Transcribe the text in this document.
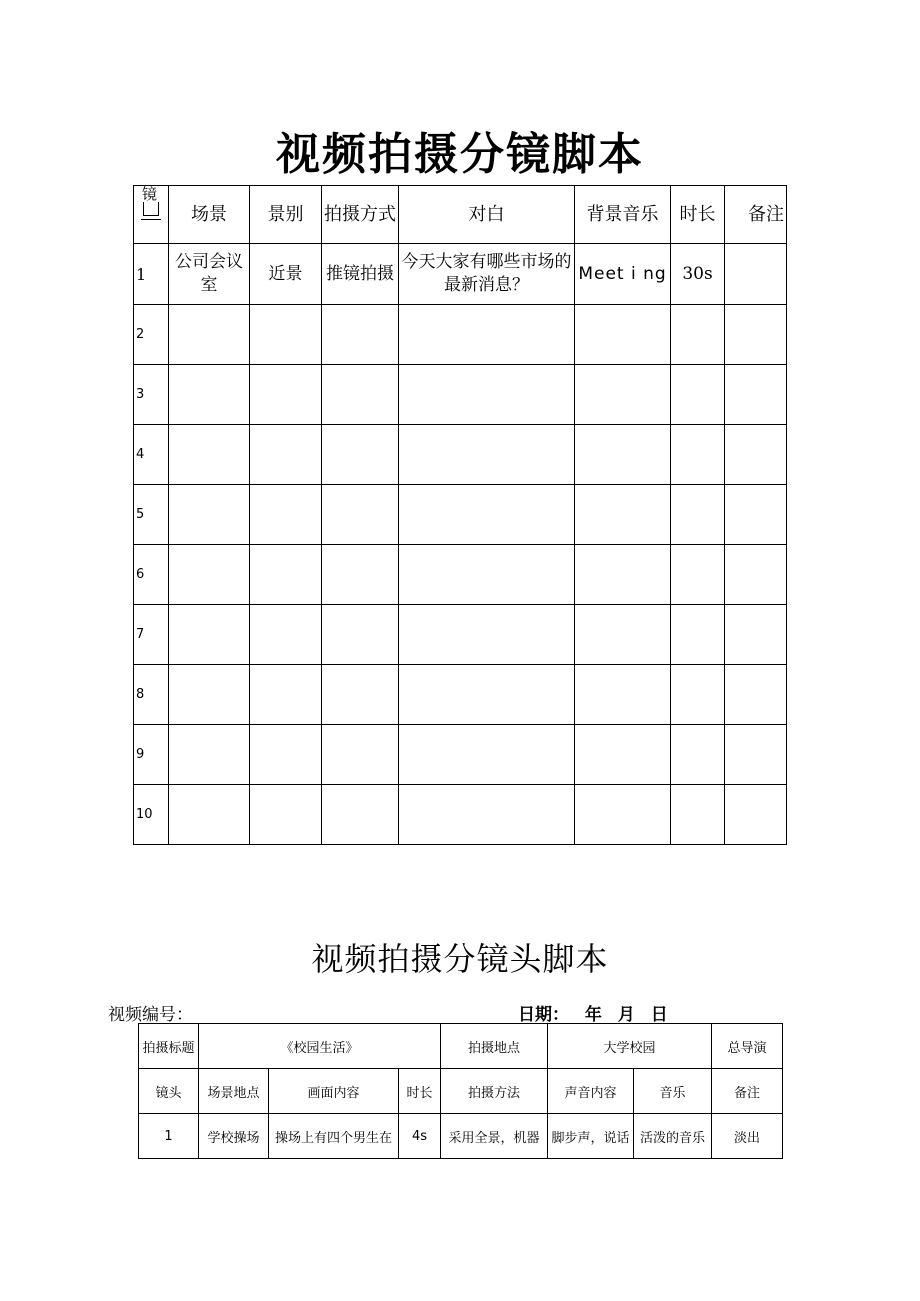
视频拍摄分镜脚本
镜	场景	景别	拍摄方式	对白	背景音乐	时长	备注
1	公司会议室	近景	推镜拍摄	今天大家有哪些市场的最新消息？	Meet i ng	30s	
2							
3							
4							
5							
6							
7							
8							
9							
10							
视频拍摄分镜头脚本
视频编号：	日期： 年 月 日
拍摄标题	《校园生活》			拍摄地点	大学校园		总导演	
镜头	场景地点	画面内容	时长	拍摄方法	声音内容	音乐	备注	
1	学校操场	操场上有四个男生在	4s	采用全景，机器	脚步声，说话	活泼的音乐	淡出	
